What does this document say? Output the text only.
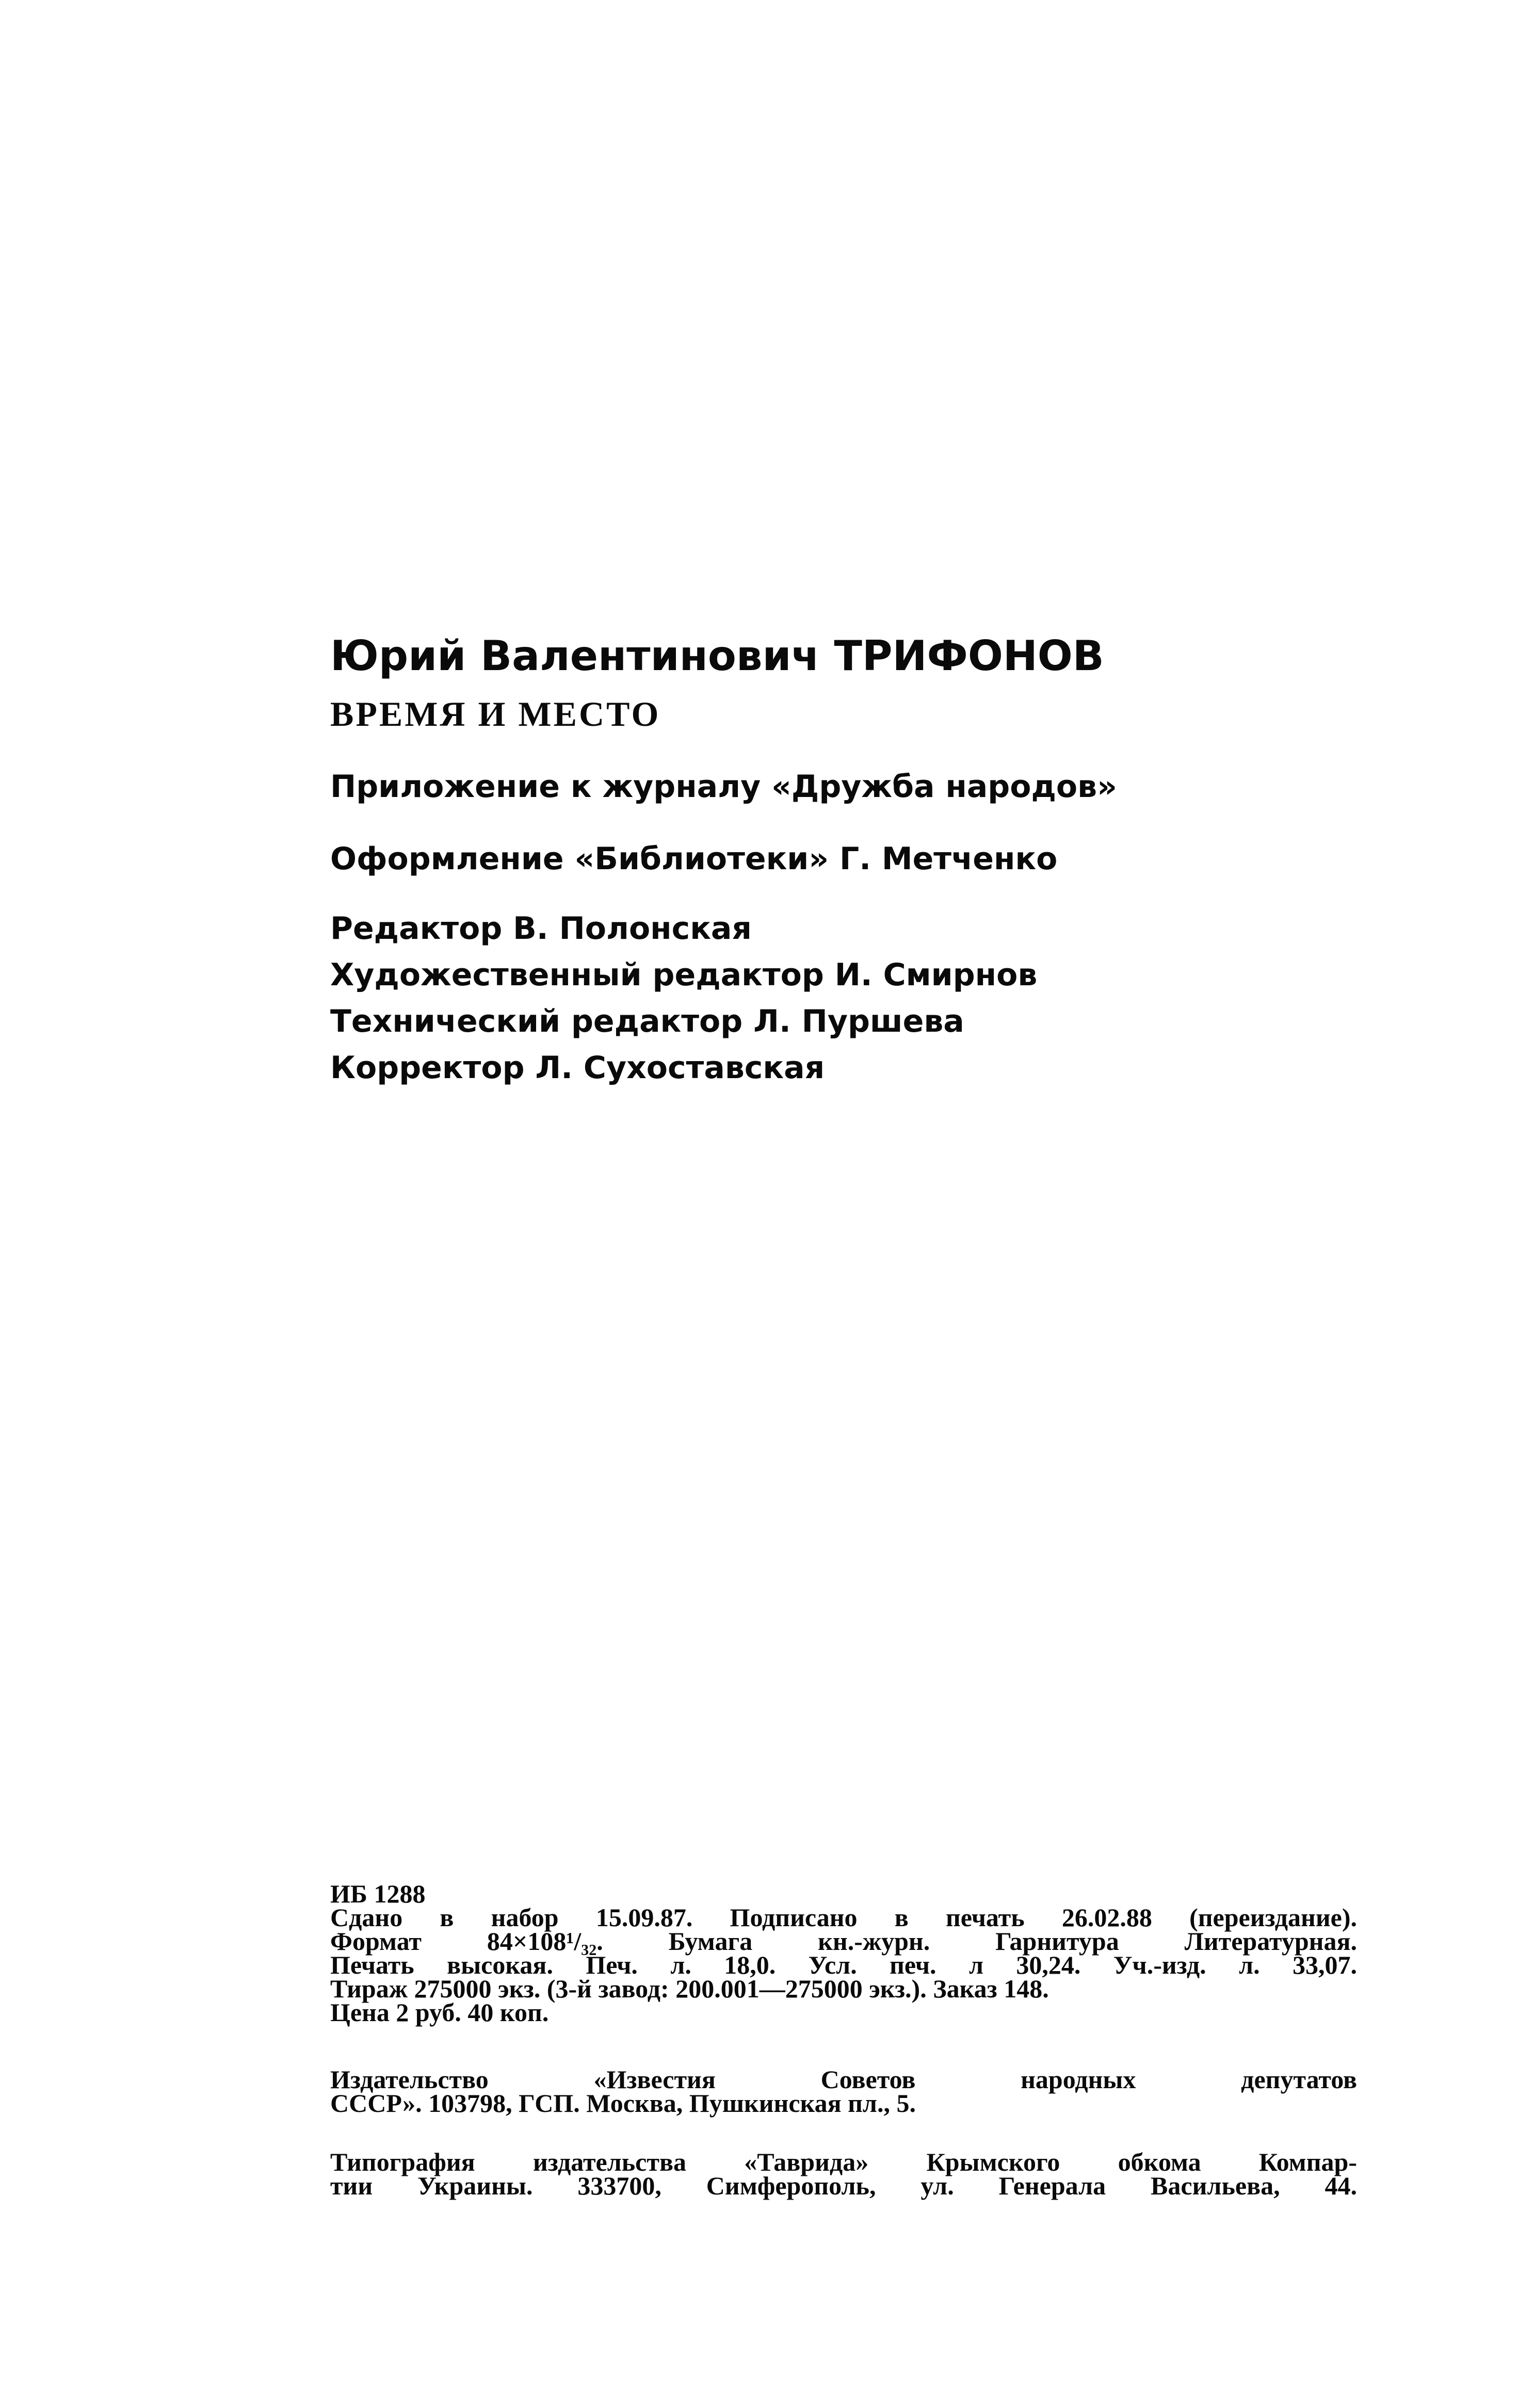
Юрий Валентинович ТРИФОНОВ
ВРЕМЯ И МЕСТО
Приложение к журналу «Дружба народов»
Оформление «Библиотеки» Г. Метченко
Редактор В. Полонская
Художественный редактор И. Смирнов
Технический редактор Л. Пуршева
Корректор Л. Сухоставская
ИБ 1288
Сдано в набор 15.09.87. Подписано в печать 26.02.88 (переиздание).
Формат 84×108¹/₃₂. Бумага кн.-журн. Гарнитура Литературная.
Печать высокая. Печ. л. 18,0. Усл. печ. л 30,24. Уч.-изд. л. 33,07.
Тираж 275000 экз. (3-й завод: 200.001—275000 экз.). Заказ 148.
Цена 2 руб. 40 коп.
Издательство «Известия Советов народных депутатов
СССР». 103798, ГСП. Москва, Пушкинская пл., 5.
Типография издательства «Таврида» Крымского обкома Компар-
тии Украины. 333700, Симферополь, ул. Генерала Васильева, 44.
